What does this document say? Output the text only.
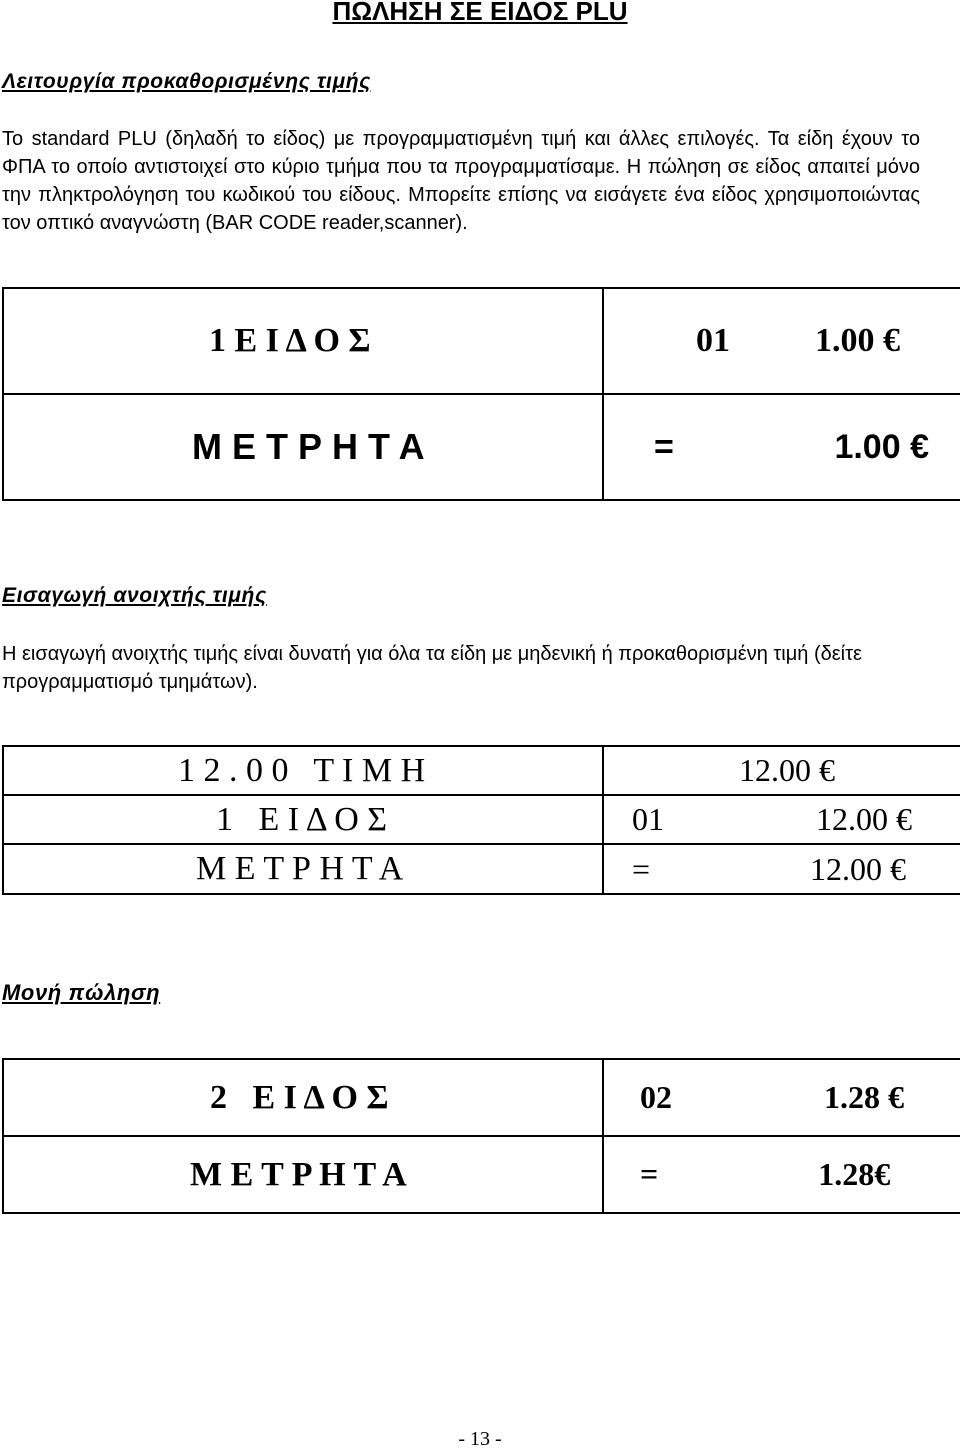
ΠΩΛΗΣΗ ΣΕ ΕΙΔΟΣ PLU
Λειτουργία προκαθορισμένης τιμής

Το standard PLU (δηλαδή το είδος) με προγραμματισμένη τιμή και άλλες επιλογές. Τα είδη έχουν το ΦΠΑ το οποίο αντιστοιχεί στο κύριο τμήμα που τα προγραμματίσαμε. Η πώληση σε είδος απαιτεί μόνο την πληκτρολόγηση του κωδικού του είδους. Μπορείτε επίσης να εισάγετε ένα είδος χρησιμοποιώντας τον οπτικό αναγνώστη (BAR CODE reader,scanner).

1 Ε Ι Δ Ο Σ	01          1.00 €
Μ Ε Τ Ρ Η Τ Α	=                 1.00 €
Εισαγωγή ανοιχτής τιμής

Η εισαγωγή ανοιχτής τιμής είναι δυνατή για όλα τα είδη με μηδενική ή προκαθορισμένη τιμή (δείτε προγραμματισμό τμημάτων).

1 2 . 0 0   Τ Ι Μ Η	12.00 €
1   Ε Ι Δ Ο Σ	01                   12.00 €
Μ Ε Τ Ρ Η Τ Α	=                    12.00 €
Μονή πώληση
2   Ε Ι Δ Ο Σ	02                   1.28 €
Μ Ε Τ Ρ Η Τ Α	=                    1.28€
- 13 -
